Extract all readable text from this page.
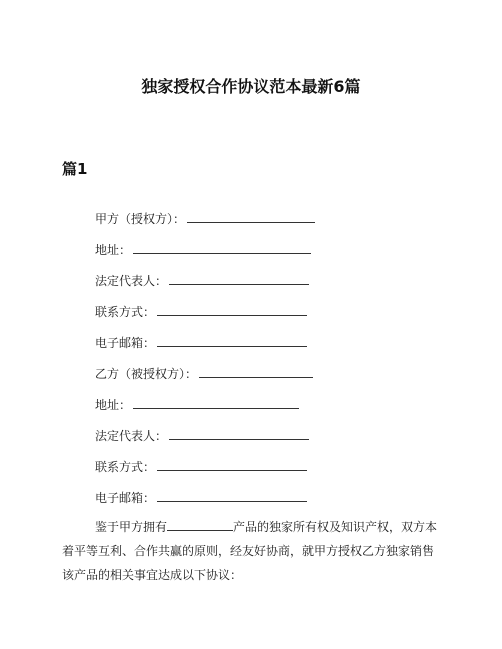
独家授权合作协议范本最新6篇
篇1
甲方（授权方）：
地址：
法定代表人：
联系方式：
电子邮箱：
乙方（被授权方）：
地址：
法定代表人：
联系方式：
电子邮箱：
鉴于甲方拥有	产品的独家所有权及知识产权，双方本着平等互利、合作共赢的原则，经友好协商，就甲方授权乙方独家销售该产品的相关事宜达成以下协议：
